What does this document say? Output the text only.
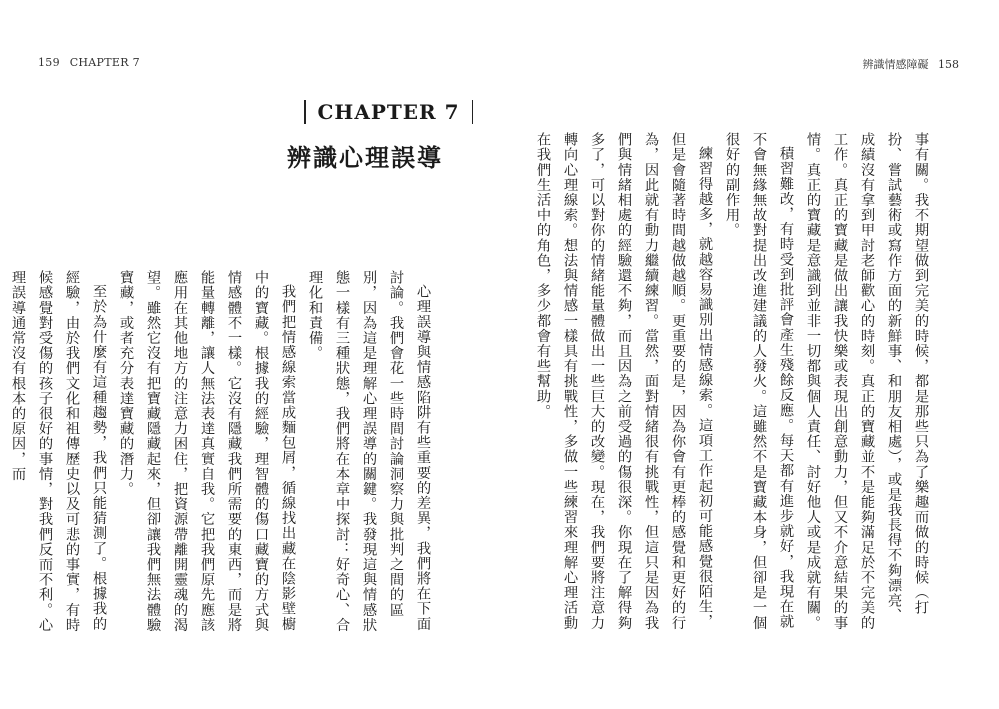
159 CHAPTER 7	辨識情感障礙 158
CHAPTER 7
辨識心理誤導	事有關。我不期望做到完美的時候，都是那些只為了樂趣而做的時候（打扮、嘗試藝術或寫作方面的新鮮事、和朋友相處），或是我長得不夠漂亮、成績沒有拿到甲討老師歡心的時刻。真正的寶藏並不是能夠滿足於不完美的工作。真正的寶藏是做出讓我快樂或表現出創意動力，但又不介意結果的事情。真正的寶藏是意識到並非一切都與個人責任、討好他人或是成就有關。

積習難改，有時受到批評會產生殘餘反應。每天都有進步就好，我現在就不會無緣無故對提出改進建議的人發火。這雖然不是寶藏本身，但卻是一個很好的副作用。

練習得越多，就越容易識別出情感線索。這項工作起初可能感覺很陌生，但是會隨著時間越做越順。更重要的是，因為你會有更棒的感覺和更好的行為，因此就有動力繼續練習。當然，面對情緒很有挑戰性，但這只是因為我們與情緒相處的經驗還不夠，而且因為之前受過的傷很深。你現在了解得夠多了，可以對你的情緒能量體做出一些巨大的改變。現在，我們要將注意力轉向心理線索。想法與情感一樣具有挑戰性，多做一些練習來理解心理活動在我們生活中的角色，多少都會有些幫助。

心理誤導與情感陷阱有些重要的差異，我們將在下面討論。我們會花一些時間討論洞察力與批判之間的區別，因為這是理解心理誤導的關鍵。我發現這與情感狀態一樣有三種狀態，我們將在本章中探討：好奇心、合理化和責備。

我們把情感線索當成麵包屑，循線找出藏在陰影壁櫥中的寶藏。根據我的經驗，理智體的傷口藏寶的方式與情感體不一樣。它沒有隱藏我們所需要的東西，而是將能量轉離，讓人無法表達真實自我。它把我們原先應該應用在其他地方的注意力困住，把資源帶離開靈魂的渴望。雖然它沒有把寶藏隱藏起來，但卻讓我們無法體驗寶藏，或者充分表達寶藏的潛力。

至於為什麼有這種趨勢，我們只能猜測了。根據我的經驗，由於我們文化和祖傳歷史以及可悲的事實，有時候感覺對受傷的孩子很好的事情，對我們反而不利。心理誤導通常沒有根本的原因，而
